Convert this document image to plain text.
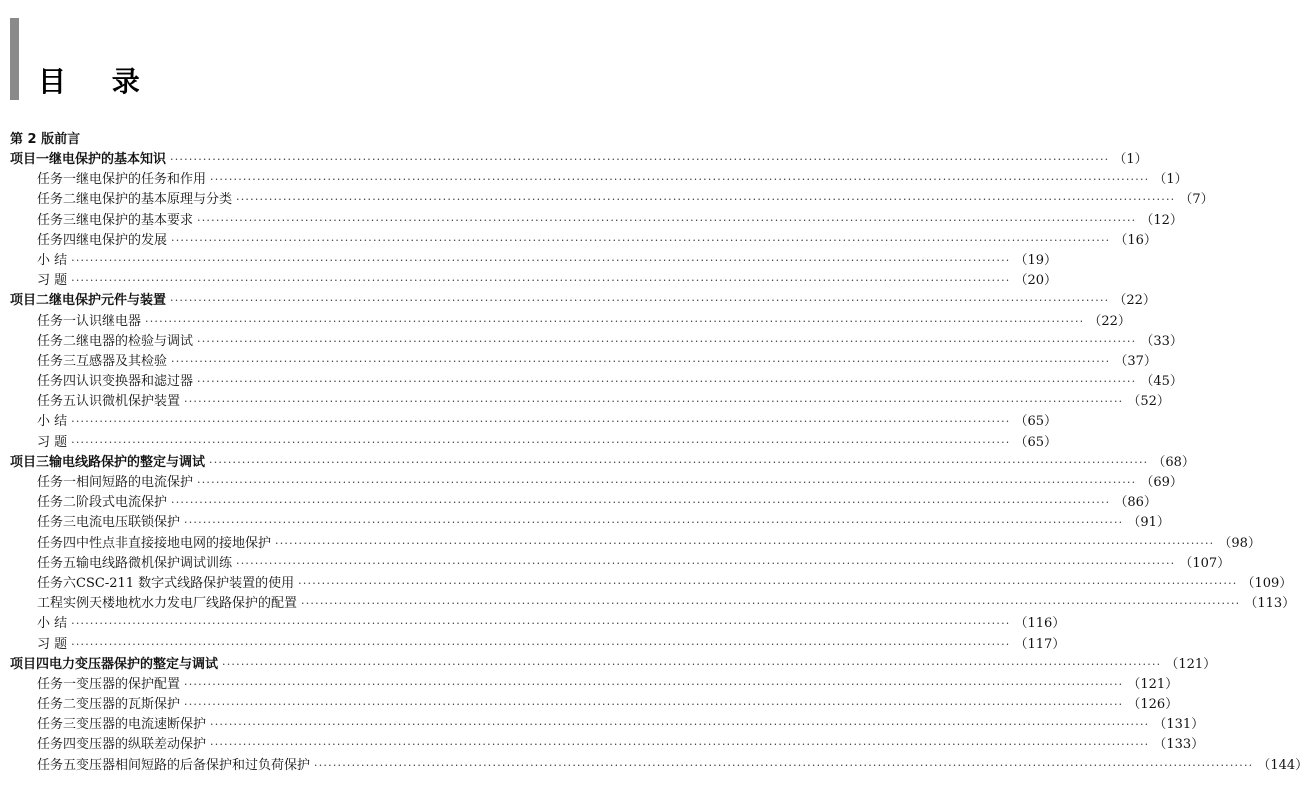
目 录
第 2 版前言
项目一 继电保护的基本知识 ········································································································································································································ （1）
任务一 继电保护的任务和作用 ········································································································································································································ （1）
任务二 继电保护的基本原理与分类 ········································································································································································································ （7）
任务三 继电保护的基本要求 ········································································································································································································ （12）
任务四 继电保护的发展 ········································································································································································································ （16）
小 结 ········································································································································································································ （19）
习 题 ········································································································································································································ （20）
项目二 继电保护元件与装置 ········································································································································································································ （22）
任务一 认识继电器 ········································································································································································································ （22）
任务二 继电器的检验与调试 ········································································································································································································ （33）
任务三 互感器及其检验 ········································································································································································································ （37）
任务四 认识变换器和滤过器 ········································································································································································································ （45）
任务五 认识微机保护装置 ········································································································································································································ （52）
小 结 ········································································································································································································ （65）
习 题 ········································································································································································································ （65）
项目三 输电线路保护的整定与调试 ········································································································································································································ （68）
任务一 相间短路的电流保护 ········································································································································································································ （69）
任务二 阶段式电流保护 ········································································································································································································ （86）
任务三 电流电压联锁保护 ········································································································································································································ （91）
任务四 中性点非直接接地电网的接地保护 ········································································································································································································ （98）
任务五 输电线路微机保护调试训练 ········································································································································································································ （107）
任务六 CSC-211 数字式线路保护装置的使用 ········································································································································································································ （109）
工程实例 天楼地枕水力发电厂线路保护的配置 ········································································································································································································ （113）
小 结 ········································································································································································································ （116）
习 题 ········································································································································································································ （117）
项目四 电力变压器保护的整定与调试 ········································································································································································································ （121）
任务一 变压器的保护配置 ········································································································································································································ （121）
任务二 变压器的瓦斯保护 ········································································································································································································ （126）
任务三 变压器的电流速断保护 ········································································································································································································ （131）
任务四 变压器的纵联差动保护 ········································································································································································································ （133）
任务五 变压器相间短路的后备保护和过负荷保护 ········································································································································································································ （144）
